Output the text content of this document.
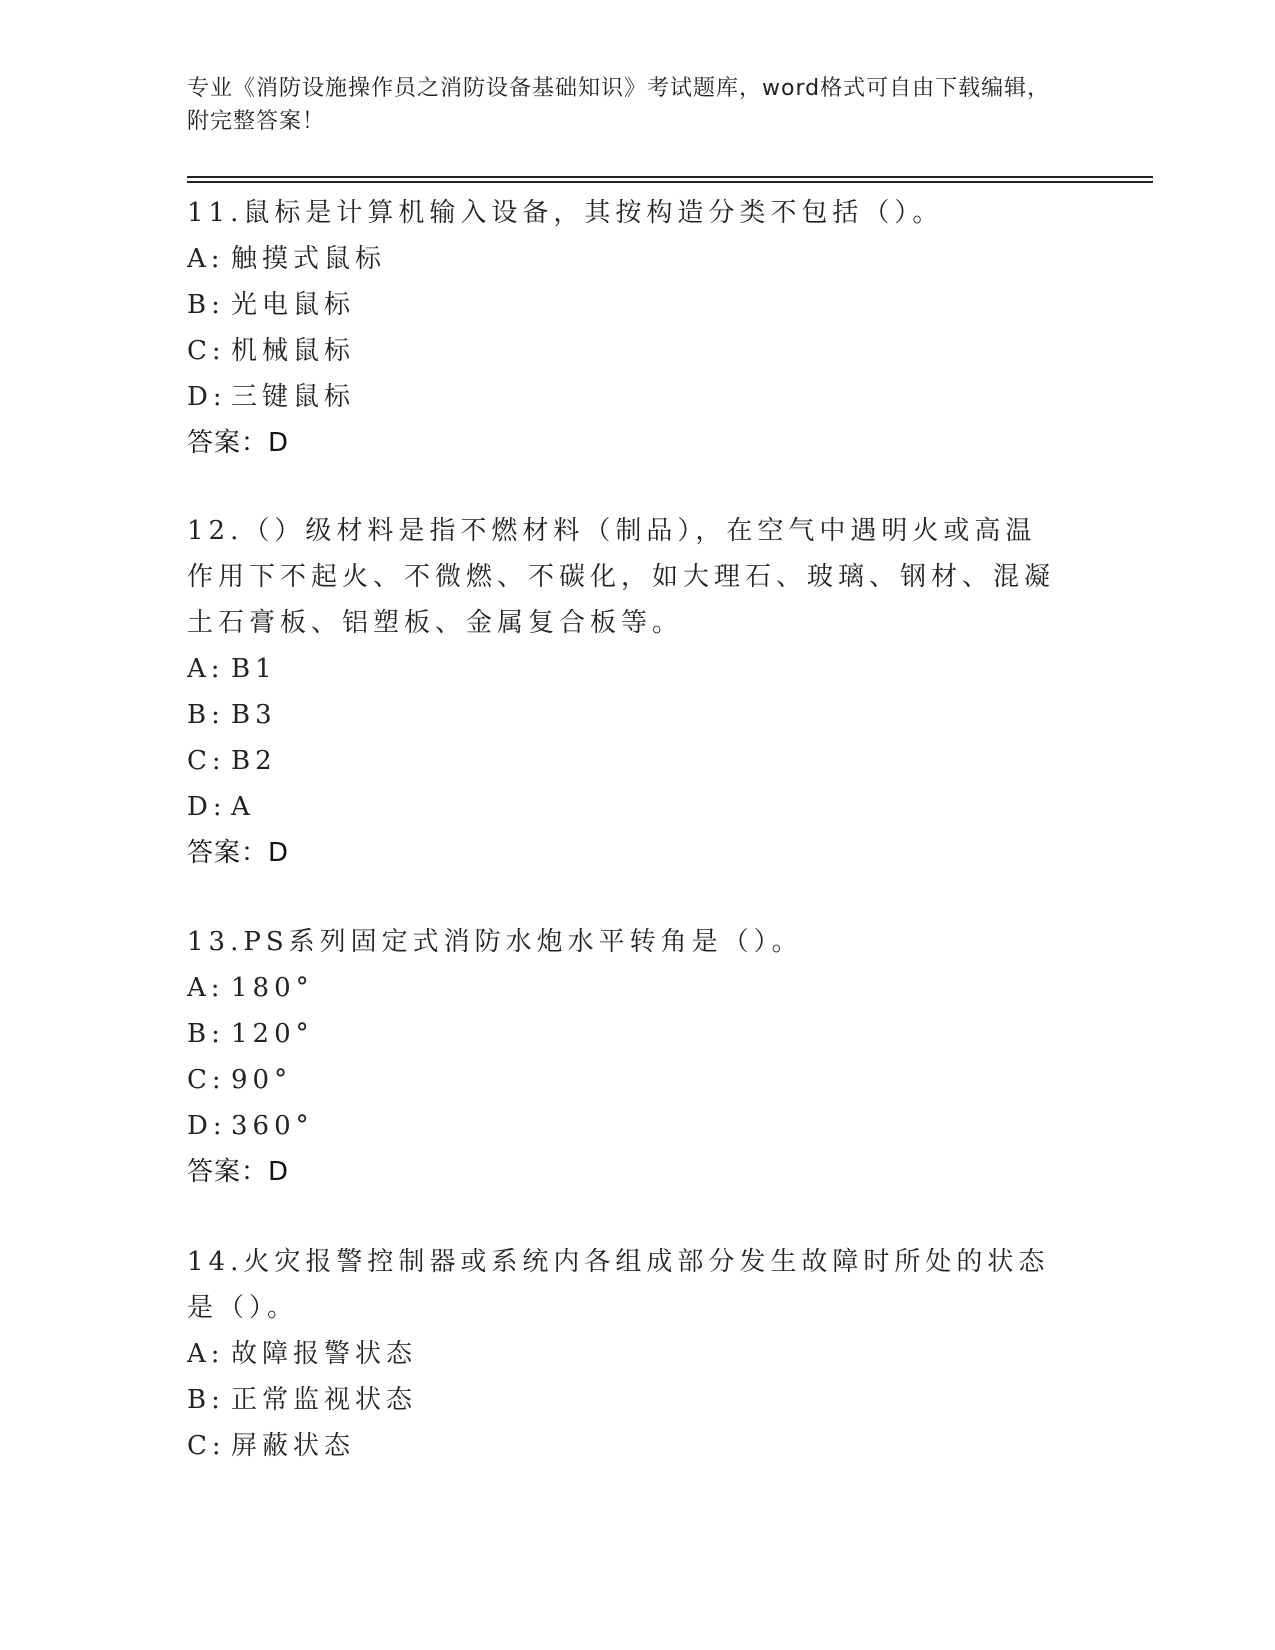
专业《消防设施操作员之消防设备基础知识》考试题库，word格式可自由下载编辑，附完整答案！

11.鼠标是计算机输入设备，其按构造分类不包括（）。

A: 触摸式鼠标
B: 光电鼠标
C: 机械鼠标
D: 三键鼠标
答案：D

12.（）级材料是指不燃材料（制品），在空气中遇明火或高温作用下不起火、不微燃、不碳化，如大理石、玻璃、钢材、混凝土石膏板、铝塑板、金属复合板等。

A: B1
B: B3
C: B2
D: A
答案：D

13.PS系列固定式消防水炮水平转角是（）。

A: 180°
B: 120°
C: 90°
D: 360°
答案：D

14.火灾报警控制器或系统内各组成部分发生故障时所处的状态是（）。

A: 故障报警状态
B: 正常监视状态
C: 屏蔽状态
